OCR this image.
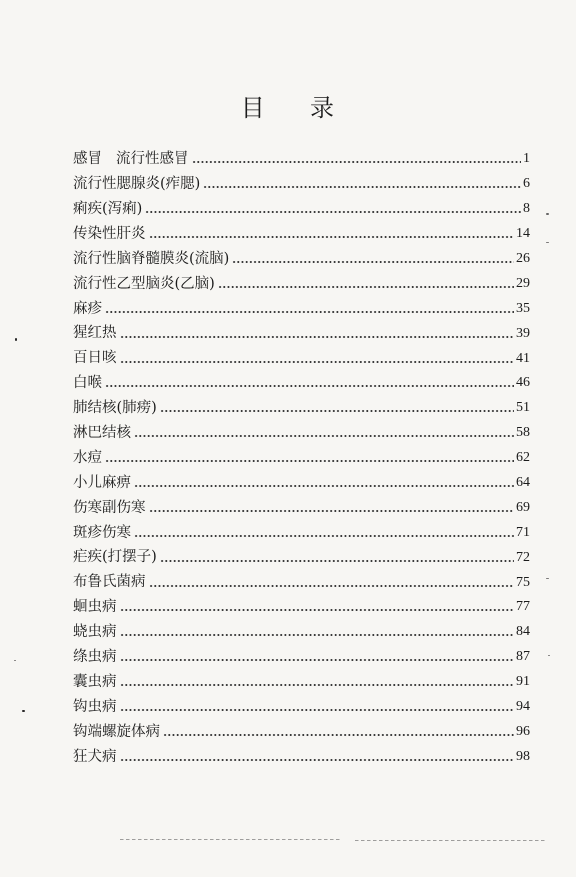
目 录
感冒 流行性感冒	1
流行性腮腺炎(痄腮)	6
痢疾(泻痢)	8
传染性肝炎	14
流行性脑脊髓膜炎(流脑)	26
流行性乙型脑炎(乙脑)	29
麻疹	35
猩红热	39
百日咳	41
白喉	46
肺结核(肺痨)	51
淋巴结核	58
水痘	62
小儿麻痹	64
伤寒副伤寒	69
斑疹伤寒	71
疟疾(打摆子)	72
布鲁氏菌病	75
蛔虫病	77
蛲虫病	84
绦虫病	87
囊虫病	91
钩虫病	94
钩端螺旋体病	96
狂犬病	98
